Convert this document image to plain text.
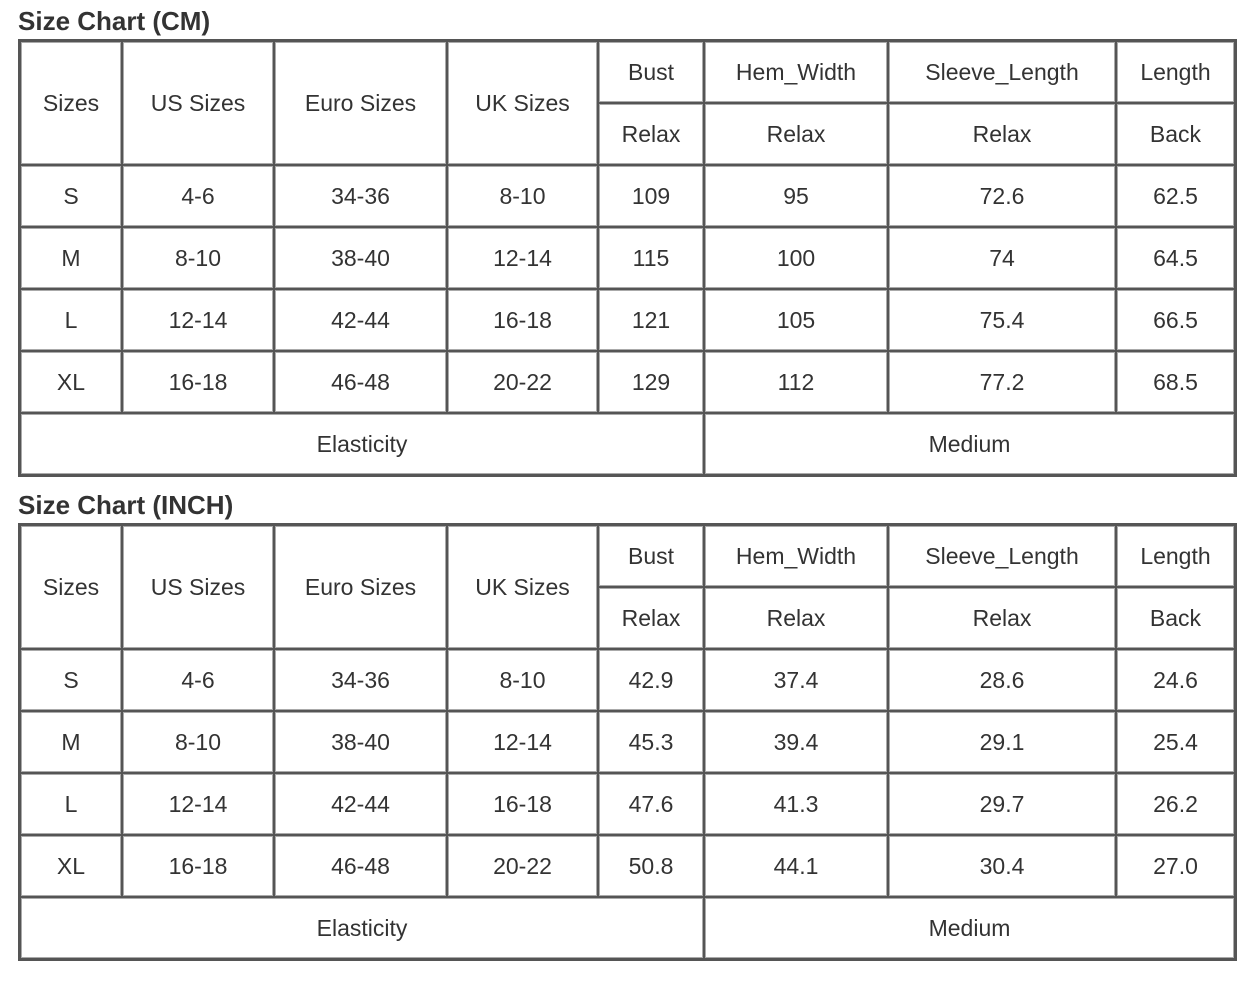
Size Chart (CM)
Sizes	US Sizes	Euro Sizes	UK Sizes	Bust	Hem_Width	Sleeve_Length	Length
				Relax	Relax	Relax	Back
S	4-6	34-36	8-10	109	95	72.6	62.5
M	8-10	38-40	12-14	115	100	74	64.5
L	12-14	42-44	16-18	121	105	75.4	66.5
XL	16-18	46-48	20-22	129	112	77.2	68.5
Elasticity					Medium		
Size Chart (INCH)
Sizes	US Sizes	Euro Sizes	UK Sizes	Bust	Hem_Width	Sleeve_Length	Length
				Relax	Relax	Relax	Back
S	4-6	34-36	8-10	42.9	37.4	28.6	24.6
M	8-10	38-40	12-14	45.3	39.4	29.1	25.4
L	12-14	42-44	16-18	47.6	41.3	29.7	26.2
XL	16-18	46-48	20-22	50.8	44.1	30.4	27.0
Elasticity					Medium		
